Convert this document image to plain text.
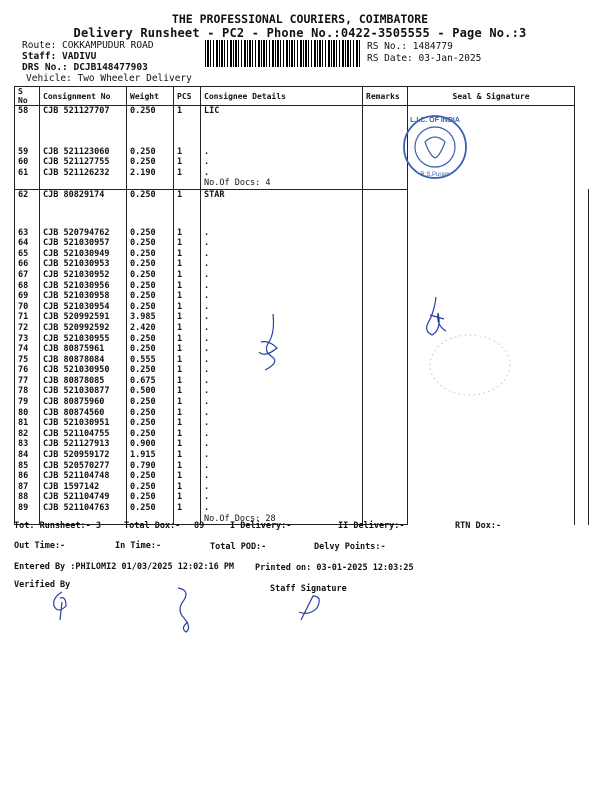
THE PROFESSIONAL COURIERS, COIMBATORE
Delivery Runsheet - PC2 - Phone No.:0422-3505555 - Page No.:3
Route: COKKAMPUDUR ROAD
Staff: VADIVU
DRS No.: DCJB148477903
Vehicle: Two Wheeler Delivery
RS No.: 1484779
RS Date: 03-Jan-2025
S No	Consignment No	Weight	PCS	Consignee Details	Remarks	Seal & Signature	
58	CJB 521127707	0.250	1	LIC			

59	CJB 521123060	0.250	1	.			
60	CJB 521127755	0.250	1	.			
61	CJB 521126232	2.190	1	.			
				No.Of Docs: 4			
62	CJB 80829174	0.250	1	STAR			

63	CJB 520794762	0.250	1	.			
64	CJB 521030957	0.250	1	.			
65	CJB 521030949	0.250	1	.			
66	CJB 521030953	0.250	1	.			
67	CJB 521030952	0.250	1	.			
68	CJB 521030956	0.250	1	.			
69	CJB 521030958	0.250	1	.			
70	CJB 521030954	0.250	1	.			
71	CJB 520992591	3.985	1	.			
72	CJB 520992592	2.420	1	.			
73	CJB 521030955	0.250	1	.			
74	CJB 80875961	0.250	1	.			
75	CJB 80878084	0.555	1	.			
76	CJB 521030950	0.250	1	.			
77	CJB 80878085	0.675	1	.			
78	CJB 521030877	0.500	1	.			
79	CJB 80875960	0.250	1	.			
80	CJB 80874560	0.250	1	.			
81	CJB 521030951	0.250	1	.			
82	CJB 521104755	0.250	1	.			
83	CJB 521127913	0.900	1	.			
84	CJB 520959172	1.915	1	.			
85	CJB 520570277	0.790	1	.			
86	CJB 521104748	0.250	1	.			
87	CJB 1597142	0.250	1	.			
88	CJB 521104749	0.250	1	.			
89	CJB 521104763	0.250	1	.			
				No.Of Docs: 28			
L.I.C. OF INDIA
R.S.Puram
Tot. Runsheet:- 3	Total Dox:- 89	I Delivery:-	II Delivery:-	RTN Dox:-
Out Time:-	In Time:-	Total POD:-	Delvy Points:-
Entered By :PHILOMI2 01/03/2025 12:02:16 PM Printed on: 03-01-2025 12:03:25
Verified By	Staff Signature
